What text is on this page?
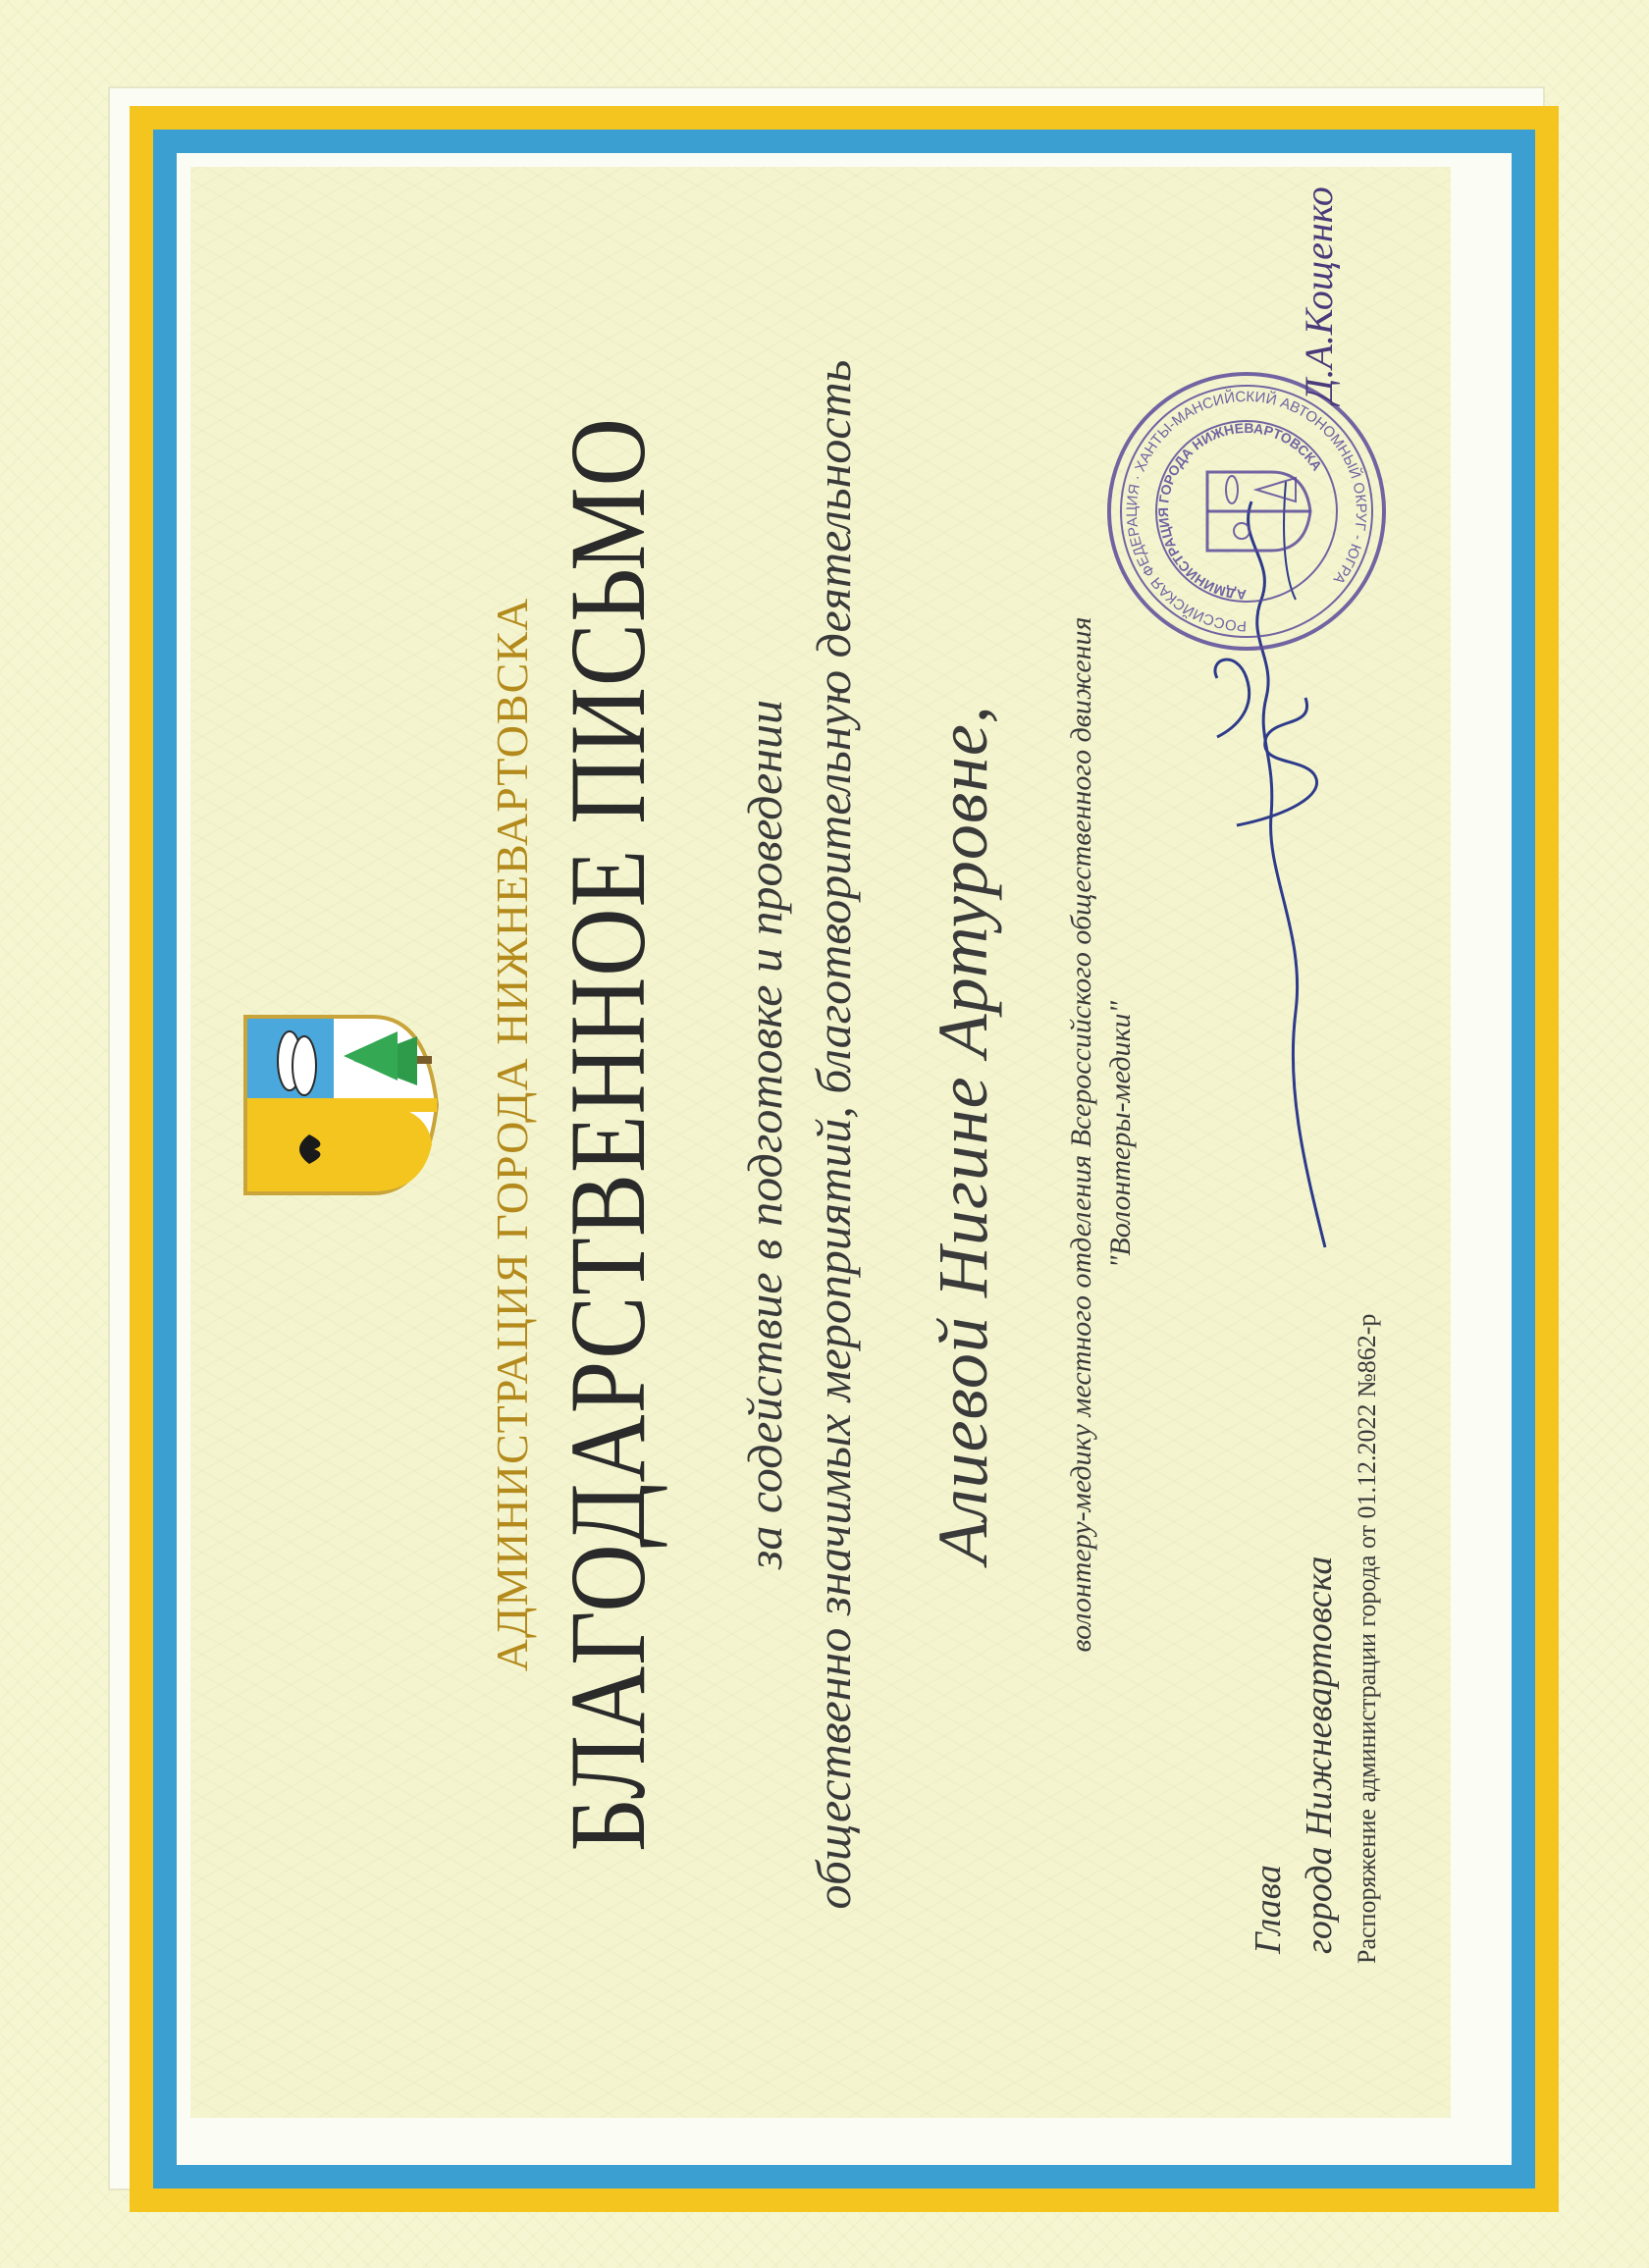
АДМИНИСТРАЦИЯ ГОРОДА НИЖНЕВАРТОВСКА БЛАГОДАРСТВЕННОЕ ПИСЬМО за содействие в подготовке и проведении общественно значимых мероприятий, благотворительную деятельность Алиевой Нигине Артуровне, волонтеру-медику местного отделения Всероссийского общественного движения "Волонтеры-медики"
Глава города Нижневартовска Распоряжение администрации города от 01.12.2022 №862-р
РОССИЙСКАЯ ФЕДЕРАЦИЯ · ХАНТЫ-МАНСИЙСКИЙ АВТОНОМНЫЙ ОКРУГ - ЮГРА
АДМИНИСТРАЦИЯ ГОРОДА НИЖНЕВАРТОВСКА
Д.А.Кощенко
